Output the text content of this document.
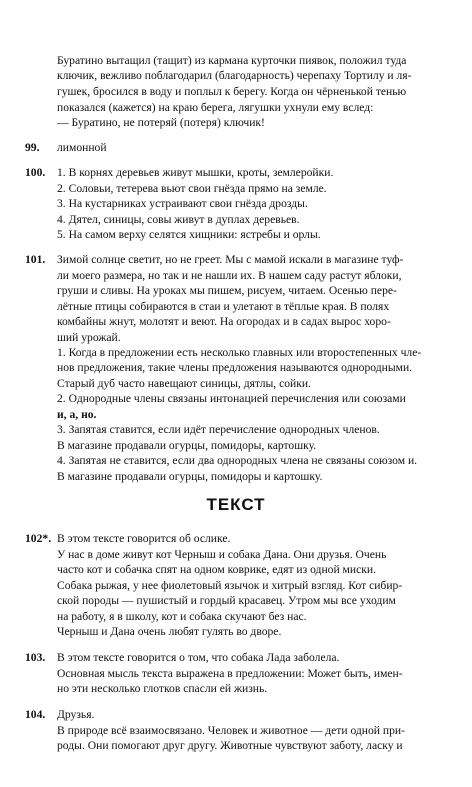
Буратино вытащил (тащит) из кармана курточки пиявок, положил туда
ключик, вежливо поблагодарил (благодарность) черепаху Тортилу и ля-
гушек, бросился в воду и поплыл к берегу. Когда он чёрненькой тенью
показался (кажется) на краю берега, лягушки ухнули ему вслед:
— Буратино, не потеряй (потеря) ключик!
99. лимонной
100. 1. В корнях деревьев живут мышки, кроты, землеройки.
2. Соловьи, тетерева вьют свои гнёзда прямо на земле.
3. На кустарниках устраивают свои гнёзда дрозды.
4. Дятел, синицы, совы живут в дуплах деревьев.
5. На самом верху селятся хищники: ястребы и орлы.
101. Зимой солнце светит, но не греет. Мы с мамой искали в магазине туф-
ли моего размера, но так и не нашли их. В нашем саду растут яблоки,
груши и сливы. На уроках мы пишем, рисуем, читаем. Осенью пере-
лётные птицы собираются в стаи и улетают в тёплые края. В полях
комбайны жнут, молотят и веют. На огородах и в садах вырос хоро-
ший урожай.
1. Когда в предложении есть несколько главных или второстепенных чле-
нов предложения, такие члены предложения называются однородными.
Старый дуб часто навещают синицы, дятлы, сойки.
2. Однородные члены связаны интонацией перечисления или союзами
и, а, но.
3. Запятая ставится, если идёт перечисление однородных членов.
В магазине продавали огурцы, помидоры, картошку.
4. Запятая не ставится, если два однородных члена не связаны союзом и.
В магазине продавали огурцы, помидоры и картошку.
ТЕКСТ
102*. В этом тексте говорится об ослике.
У нас в доме живут кот Черныш и собака Дана. Они друзья. Очень
часто кот и собачка спят на одном коврике, едят из одной миски.
Собака рыжая, у нее фиолетовый язычок и хитрый взгляд. Кот сибир-
ской породы — пушистый и гордый красавец. Утром мы все уходим
на работу, я в школу, кот и собака скучают без нас.
Черныш и Дана очень любят гулять во дворе.
103. В этом тексте говорится о том, что собака Лада заболела.
Основная мысль текста выражена в предложении: Может быть, имен-
но эти несколько глотков спасли ей жизнь.
104. Друзья.
В природе всё взаимосвязано. Человек и животное — дети одной при-
роды. Они помогают друг другу. Животные чувствуют заботу, ласку и
